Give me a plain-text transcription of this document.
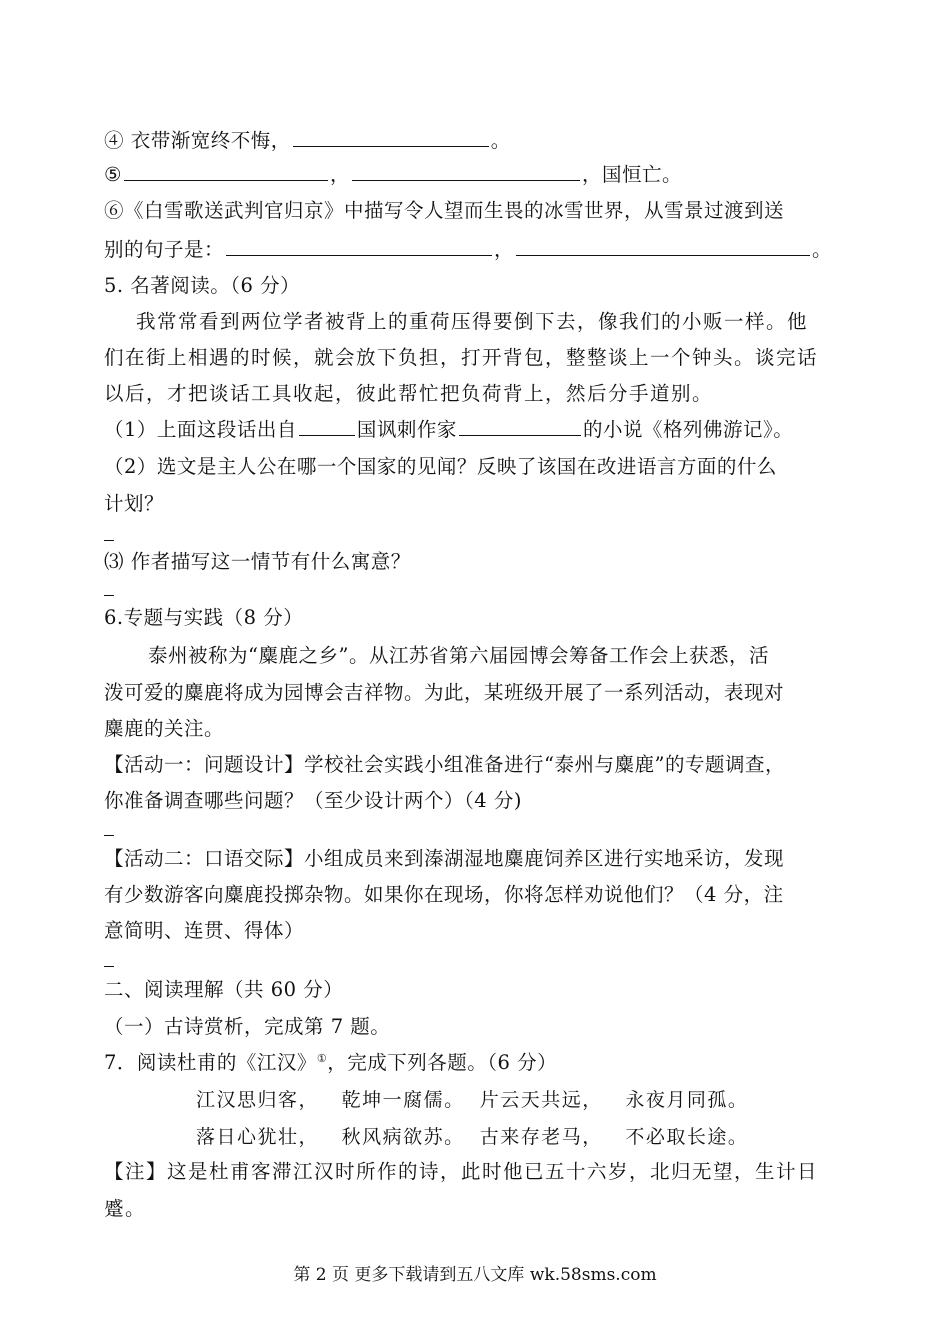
④ 衣带渐宽终不悔，	。
⑤	，	，国恒亡。
⑥《白雪歌送武判官归京》中描写令人望而生畏的冰雪世界，从雪景过渡到送
别的句子是：	，	。
5. 名著阅读。（6 分）
我常常看到两位学者被背上的重荷压得要倒下去，像我们的小贩一样。他
们在街上相遇的时候，就会放下负担，打开背包，整整谈上一个钟头。谈完话
以后，才把谈话工具收起，彼此帮忙把负荷背上，然后分手道别。
（1）上面这段话出自	国讽刺作家	的小说《格列佛游记》。
（2）选文是主人公在哪一个国家的见闻？反映了该国在改进语言方面的什么
计划？
⑶ 作者描写这一情节有什么寓意？
6.专题与实践（8 分）
泰州被称为“麋鹿之乡”。从江苏省第六届园博会筹备工作会上获悉，活
泼可爱的麋鹿将成为园博会吉祥物。为此，某班级开展了一系列活动，表现对
麋鹿的关注。
【活动一：问题设计】学校社会实践小组准备进行“泰州与麋鹿”的专题调查，
你准备调查哪些问题？（至少设计两个）（4 分)
【活动二：口语交际】小组成员来到溱湖湿地麋鹿饲养区进行实地采访，发现
有少数游客向麋鹿投掷杂物。如果你在现场，你将怎样劝说他们？（4 分，注
意简明、连贯、得体）
二、阅读理解（共 60 分）
（一）古诗赏析，完成第 7 题。
7．阅读杜甫的《江汉》①，完成下列各题。（6 分）
江汉思归客，   乾坤一腐儒。  片云天共远，   永夜月同孤。
落日心犹壮，   秋风病欲苏。  古来存老马，   不必取长途。
【注】这是杜甫客滞江汉时所作的诗，此时他已五十六岁，北归无望，生计日
蹙。
第 2 页 更多下载请到五八文库 wk.58sms.com
